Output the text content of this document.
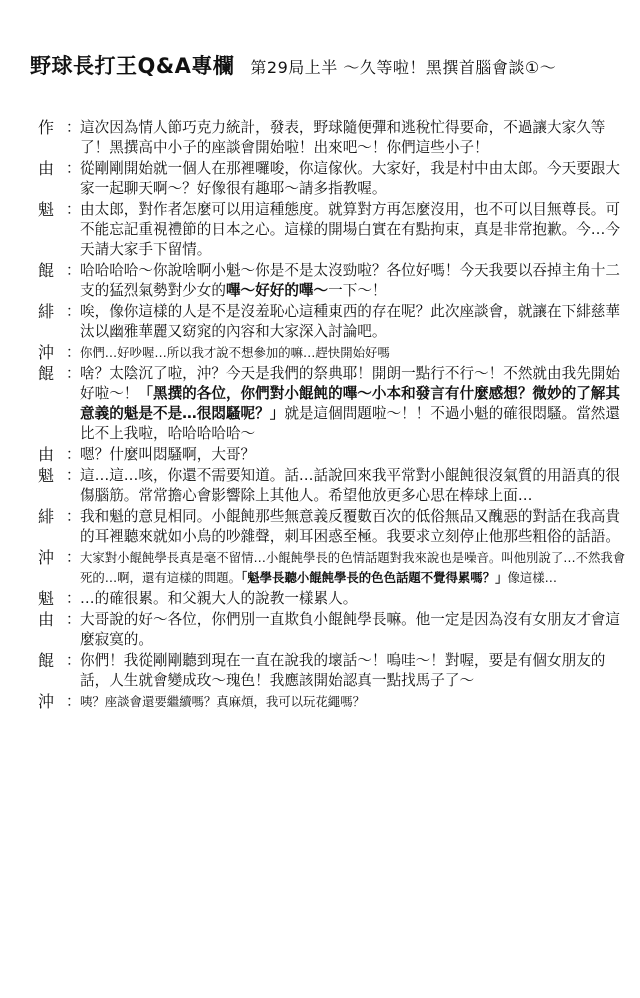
野球長打王Q&A專欄 第29局上半 ～久等啦！黑撰首腦會談①～
作 ： 這次因為情人節巧克力統計，發表，野球隨便彈和逃稅忙得要命，不過讓大家久等了！黑撰高中小子的座談會開始啦！出來吧～！你們這些小子！
由 ： 從剛剛開始就一個人在那裡囉唆，你這傢伙。大家好，我是村中由太郎。今天要跟大家一起聊天啊～？好像很有趣耶～請多指教喔。
魁 ： 由太郎，對作者怎麼可以用這種態度。就算對方再怎麼沒用，也不可以目無尊長。可不能忘記重視禮節的日本之心。這樣的開場白實在有點拘束，真是非常抱歉。今…今天請大家手下留情。
餛 ： 哈哈哈哈～你說啥啊小魁～你是不是太沒勁啦？各位好嗎！今天我要以吞掉主角十二支的猛烈氣勢對少女的嗶～好好的嗶～一下～！
緋 ： 唉，像你這樣的人是不是沒羞恥心這種東西的存在呢？此次座談會，就讓在下緋慈華汰以幽雅華麗又窈窕的內容和大家深入討論吧。
沖 ： 你們…好吵喔…所以我才說不想參加的嘛…趕快開始好嗎
餛 ： 啥？太陰沉了啦，沖？今天是我們的祭典耶！開朗一點行不行～！不然就由我先開始好啦～！「黑撰的各位，你們對小餛飩的嗶～小本和發言有什麼感想？微妙的了解其意義的魁是不是…很悶騷呢？」就是這個問題啦～！！不過小魁的確很悶騷。當然還比不上我啦，哈哈哈哈哈～
由 ： 嗯？什麼叫悶騷啊，大哥？
魁 ： 這…這…咳，你還不需要知道。話…話說回來我平常對小餛飩很沒氣質的用語真的很傷腦筋。常常擔心會影響除上其他人。希望他放更多心思在棒球上面…
緋 ： 我和魁的意見相同。小餛飩那些無意義反覆數百次的低俗無品又醜惡的對話在我高貴的耳裡聽來就如小鳥的吵雜聲，刺耳困惑至極。我要求立刻停止他那些粗俗的話語。
沖 ： 大家對小餛飩學長真是毫不留情…小餛飩學長的色情話題對我來說也是噪音。叫他別說了…不然我會死的…啊，還有這樣的問題。「魁學長聽小餛飩學長的色色話題不覺得累嗎？」像這樣…
魁 ： …的確很累。和父親大人的說教一樣累人。
由 ： 大哥說的好～各位，你們別一直欺負小餛飩學長嘛。他一定是因為沒有女朋友才會這麼寂寞的。
餛 ： 你們！我從剛剛聽到現在一直在說我的壞話～！嗚哇～！對喔，要是有個女朋友的話，人生就會變成玫～瑰色！我應該開始認真一點找馬子了～
沖 ： 咦？座談會還要繼續嗎？真麻煩，我可以玩花繩嗎？
